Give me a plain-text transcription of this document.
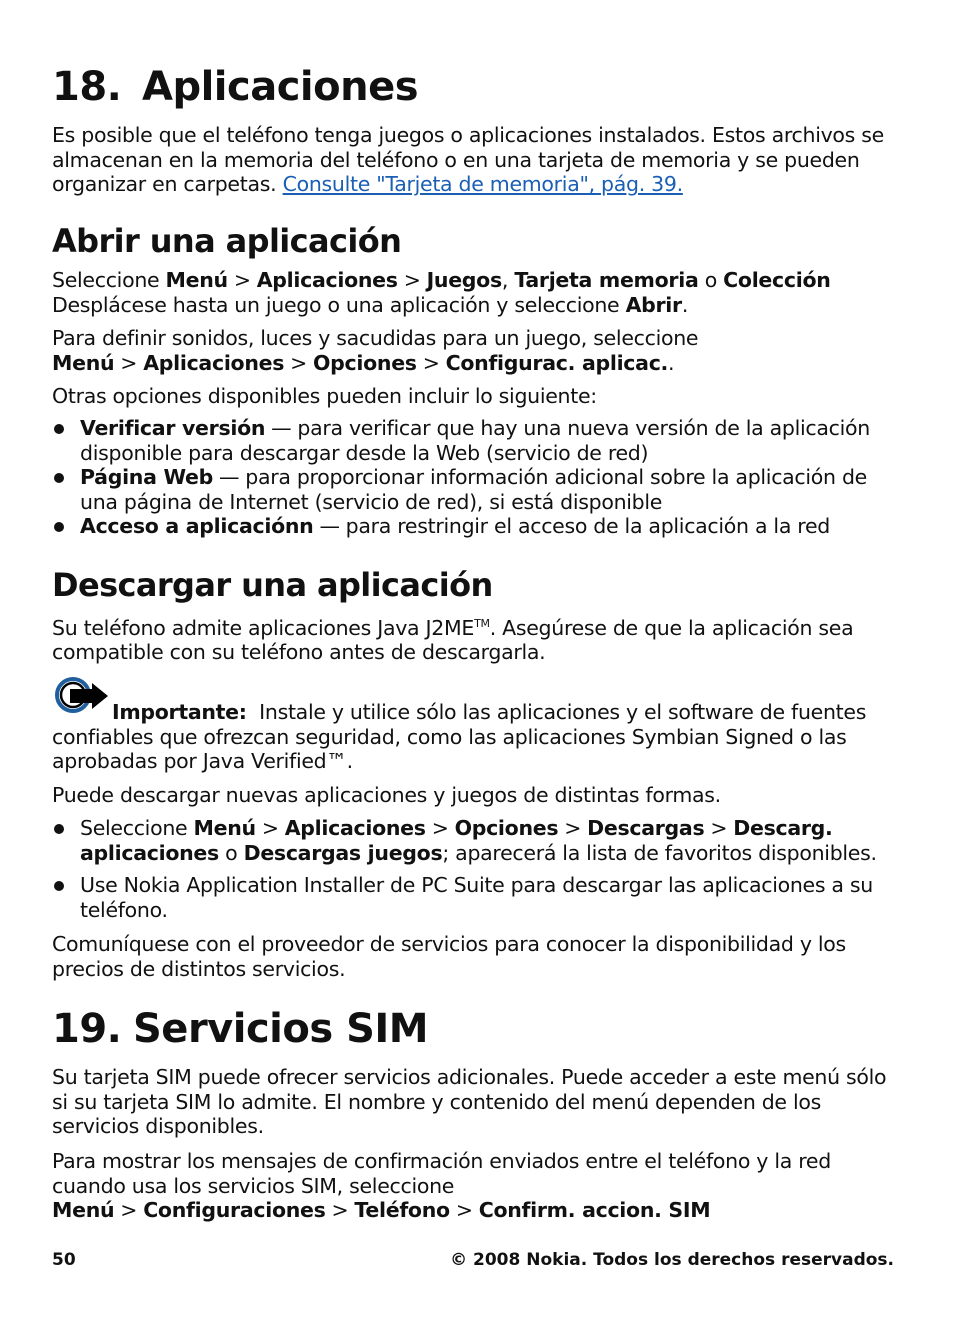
18. Aplicaciones

Es posible que el teléfono tenga juegos o aplicaciones instalados. Estos archivos se almacenan en la memoria del teléfono o en una tarjeta de memoria y se pueden organizar en carpetas. Consulte "Tarjeta de memoria", pág. 39.

Abrir una aplicación

Seleccione Menú > Aplicaciones > Juegos, Tarjeta memoria o Colección Desplácese hasta un juego o una aplicación y seleccione Abrir.

Para definir sonidos, luces y sacudidas para un juego, seleccione Menú > Aplicaciones > Opciones > Configurac. aplicac..

Otras opciones disponibles pueden incluir lo siguiente:

Verificar versión — para verificar que hay una nueva versión de la aplicación disponible para descargar desde la Web (servicio de red)
Página Web — para proporcionar información adicional sobre la aplicación de una página de Internet (servicio de red), si está disponible
Acceso a aplicaciónn — para restringir el acceso de la aplicación a la red
Descargar una aplicación

Su teléfono admite aplicaciones Java J2ME™. Asegúrese de que la aplicación sea compatible con su teléfono antes de descargarla.

Importante: Instale y utilice sólo las aplicaciones y el software de fuentes confiables que ofrezcan seguridad, como las aplicaciones Symbian Signed o las aprobadas por Java Verified™.

Puede descargar nuevas aplicaciones y juegos de distintas formas.

Seleccione Menú > Aplicaciones > Opciones > Descargas > Descarg. aplicaciones o Descargas juegos; aparecerá la lista de favoritos disponibles.
Use Nokia Application Installer de PC Suite para descargar las aplicaciones a su teléfono.

Comuníquese con el proveedor de servicios para conocer la disponibilidad y los precios de distintos servicios.

19. Servicios SIM

Su tarjeta SIM puede ofrecer servicios adicionales. Puede acceder a este menú sólo si su tarjeta SIM lo admite. El nombre y contenido del menú dependen de los servicios disponibles.

Para mostrar los mensajes de confirmación enviados entre el teléfono y la red cuando usa los servicios SIM, seleccione Menú > Configuraciones > Teléfono > Confirm. accion. SIM

50	© 2008 Nokia. Todos los derechos reservados.
